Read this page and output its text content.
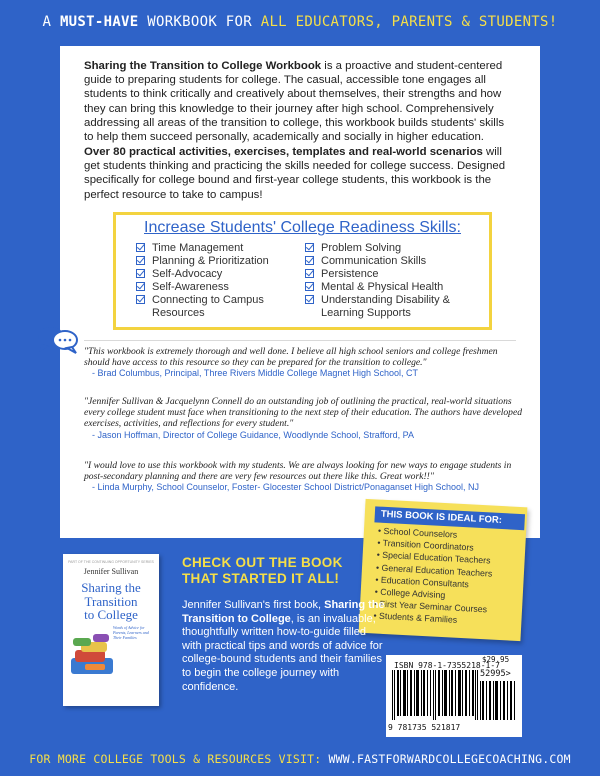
A MUST-HAVE WORKBOOK FOR ALL EDUCATORS, PARENTS & STUDENTS!
Sharing the Transition to College Workbook is a proactive and student-centered guide to preparing students for college. The casual, accessible tone engages all students to think critically and creatively about themselves, their strengths and how they can bring this knowledge to their journey after high school. Comprehensively addressing all areas of the transition to college, this workbook builds students' skills to help them succeed personally, academically and socially in higher education.
Over 80 practical activities, exercises, templates and real-world scenarios will get students thinking and practicing the skills needed for college success. Designed specifically for college bound and first-year college students, this workbook is the perfect resource to take to campus!
Increase Students' College Readiness Skills:
Time Management
Planning & Prioritization
Self-Advocacy
Self-Awareness
Connecting to Campus Resources
Problem Solving
Communication Skills
Persistence
Mental & Physical Health
Understanding Disability & Learning Supports
"This workbook is extremely thorough and well done. I believe all high school seniors and college freshmen should have access to this resource so they can be prepared for the transition to college."
- Brad Columbus, Principal, Three Rivers Middle College Magnet High School, CT
"Jennifer Sullivan & Jacquelynn Connell do an outstanding job of outlining the practical, real-world situations every college student must face when transitioning to the next step of their education. The authors have developed exercises, activities, and reflections for every student."
- Jason Hoffman, Director of College Guidance, Woodlynde School, Strafford, PA
"I would love to use this workbook with my students. We are always looking for new ways to engage students in post-secondary planning and there are very few resources out there like this. Great work!!"
- Linda Murphy, School Counselor, Foster- Glocester School District/Ponaganset High School, NJ
THIS BOOK IS IDEAL FOR:
• School Counselors
• Transition Coordinators
• Special Education Teachers
• General Education Teachers
• Education Consultants
• College Advising
• First Year Seminar Courses
• Students & Families
PART OF THE CONTINUING OPPORTUNITY SERIES
Jennifer Sullivan
Sharing the
Transition
to College
Words of Advice for Parents, Learners and Their Families
CHECK OUT THE BOOK
THAT STARTED IT ALL!
Jennifer Sullivan's first book, Sharing the Transition to College, is an invaluable, thoughtfully written how-to-guide filled with practical tips and words of advice for college-bound students and their families to begin the college journey with confidence.
$29.95
ISBN 978-1-7355218-1-7
52995>
9 781735 521817
FOR MORE COLLEGE TOOLS & RESOURCES VISIT: WWW.FASTFORWARDCOLLEGECOACHING.COM
